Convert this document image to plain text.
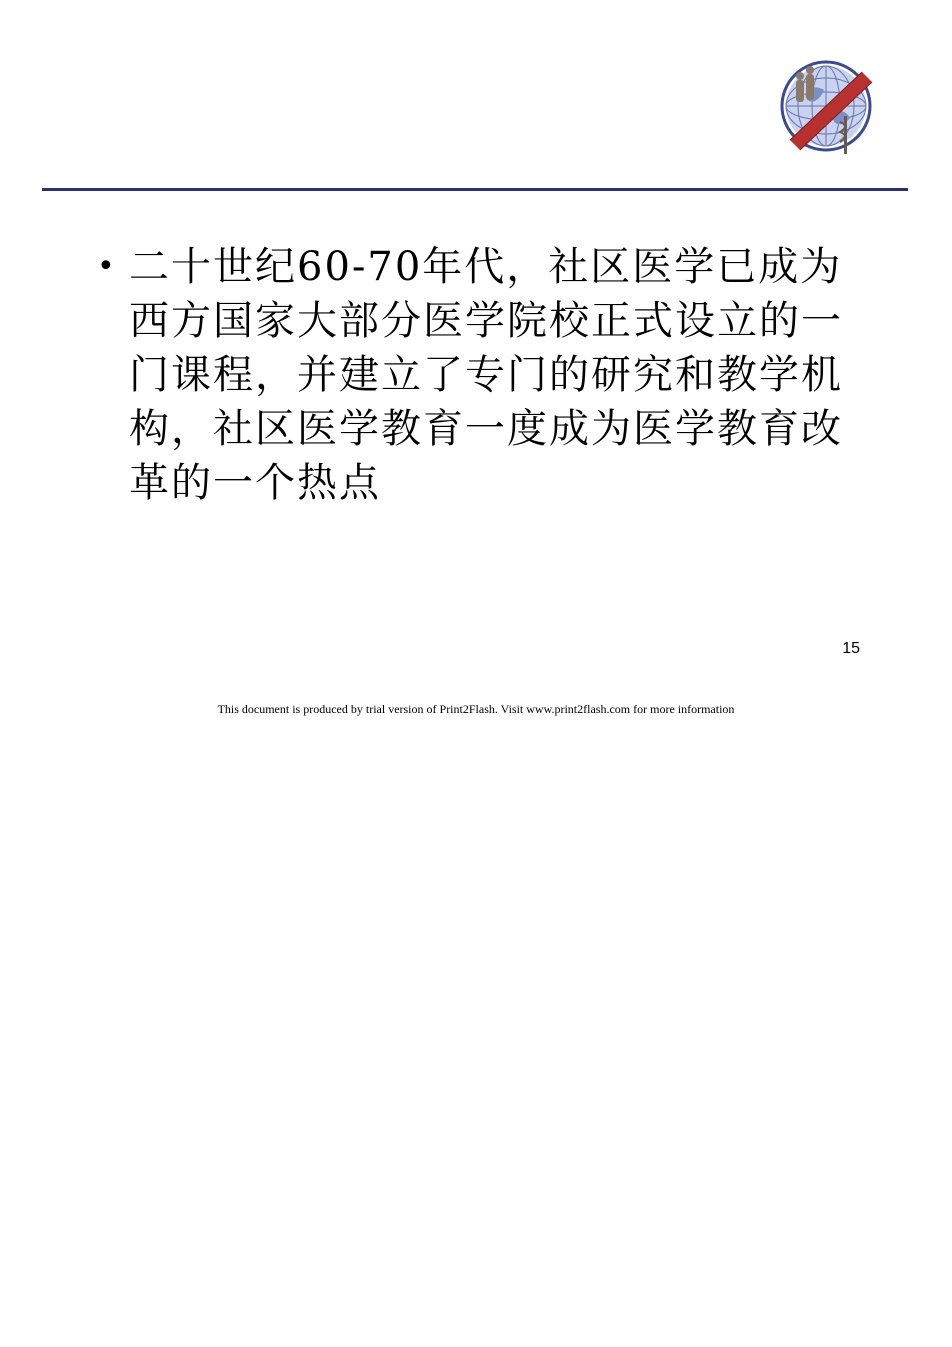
• 二十世纪60-70年代，社区医学已成为西方国家大部分医学院校正式设立的一门课程，并建立了专门的研究和教学机构，社区医学教育一度成为医学教育改革的一个热点
15
This document is produced by trial version of Print2Flash. Visit www.print2flash.com for more information
